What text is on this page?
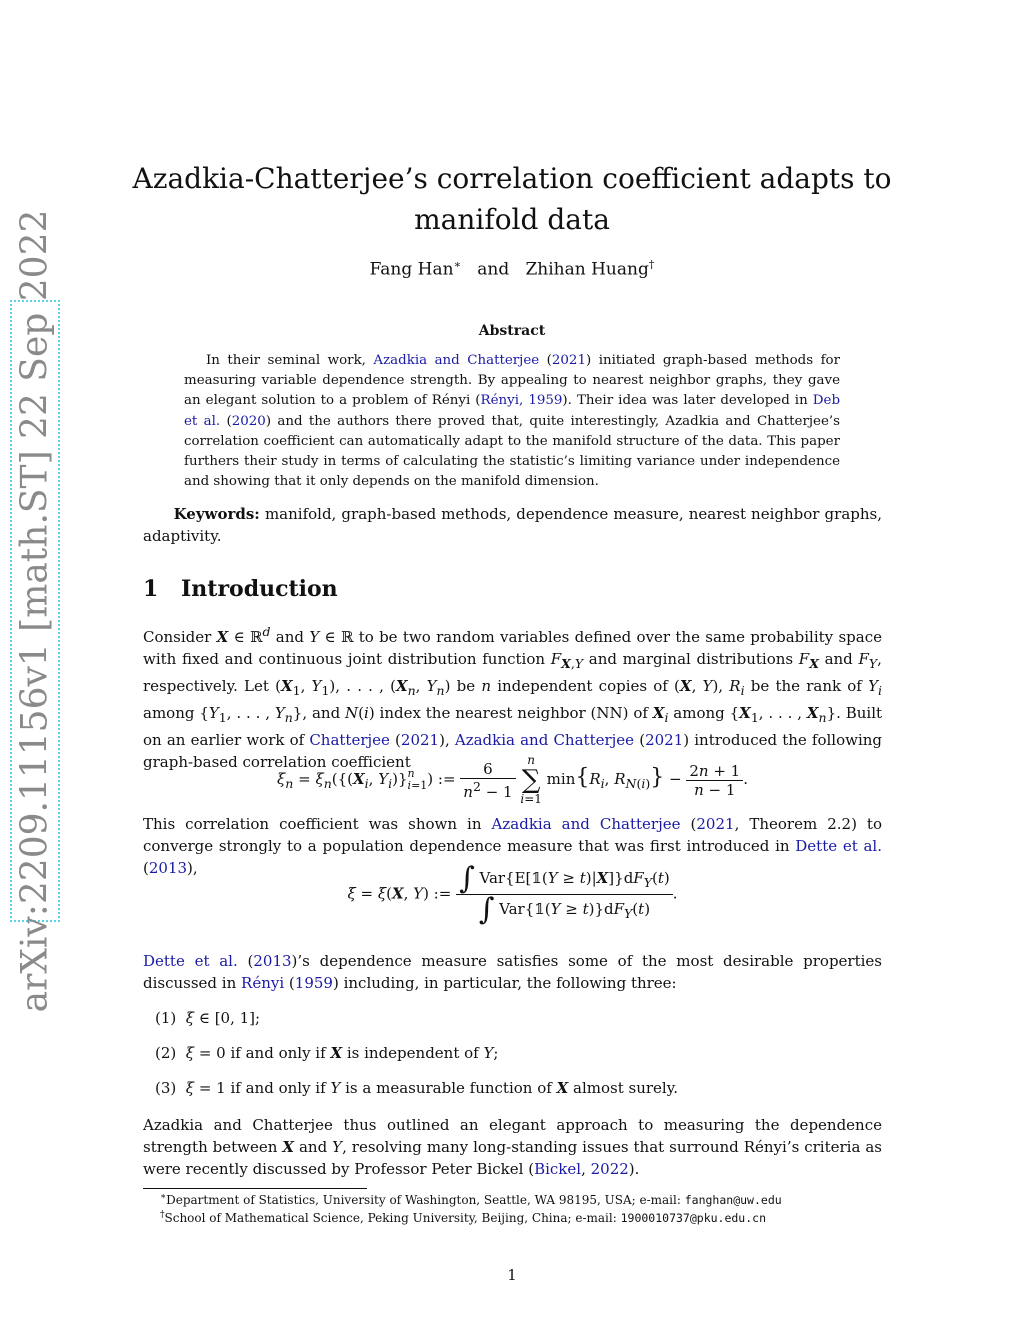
arXiv:2209.11156v1 [math.ST] 22 Sep 2022
Azadkia-Chatterjee’s correlation coefficient adapts to manifold data
Fang Han∗ and Zhihan Huang†
Abstract

In their seminal work, Azadkia and Chatterjee (2021) initiated graph-based methods for measuring variable dependence strength. By appealing to nearest neighbor graphs, they gave an elegant solution to a problem of Rényi (Rényi, 1959). Their idea was later developed in Deb et al. (2020) and the authors there proved that, quite interestingly, Azadkia and Chatterjee’s correlation coefficient can automatically adapt to the manifold structure of the data. This paper furthers their study in terms of calculating the statistic’s limiting variance under independence and showing that it only depends on the manifold dimension.

Keywords: manifold, graph-based methods, dependence measure, nearest neighbor graphs, adaptivity.
1 Introduction

Consider X ∈ ℝ$^d$ and Y ∈ ℝ to be two random variables defined over the same probability space with fixed and continuous joint distribution function $F_{X,Y}$ and marginal distributions $F_X$ and $F_Y$, respectively. Let ($X_1$, $Y_1$), . . . , ($X_n$, $Y_n$) be n independent copies of (X, Y), $R_i$ be the rank of $Y_i$ among {$Y_1$, . . . , $Y_n$}, and N(i) index the nearest neighbor (NN) of $X_i$ among {$X_1$, . . . , $X_n$}. Built on an earlier work of Chatterjee (2021), Azadkia and Chatterjee (2021) introduced the following graph-based correlation coefficient

$\xi_n = \xi_n(\{(X_i$, $Y_i)\}n$
i=1) := $\frac{6}{n^2 - 1}$ n
∑
i=1 $\min\{R_i$, $R_{N(i)}\} - \frac{2n + 1}{n - 1}$ .

This correlation coefficient was shown in Azadkia and Chatterjee (2021, Theorem 2.2) to converge strongly to a population dependence measure that was first introduced in Dette et al. (2013),

ξ = ξ(X, Y) := $\frac{\int Var\{E[𝟙(Y \ge t)|X]\}dF_Y(t)}{\int Var\{𝟙(Y \ge t)\}dF_Y(t)}$ .

Dette et al. (2013)’s dependence measure satisfies some of the most desirable properties discussed in Rényi (1959) including, in particular, the following three:

(1) ξ ∈ [0, 1];
(2) ξ = 0 if and only if X is independent of Y;
(3) ξ = 1 if and only if Y is a measurable function of X almost surely.

Azadkia and Chatterjee thus outlined an elegant approach to measuring the dependence strength between X and Y, resolving many long-standing issues that surround Rényi’s criteria as were recently discussed by Professor Peter Bickel (Bickel, 2022).

∗Department of Statistics, University of Washington, Seattle, WA 98195, USA; e-mail: fanghan@uw.edu
†School of Mathematical Science, Peking University, Beijing, China; e-mail: 1900010737@pku.edu.cn
1
